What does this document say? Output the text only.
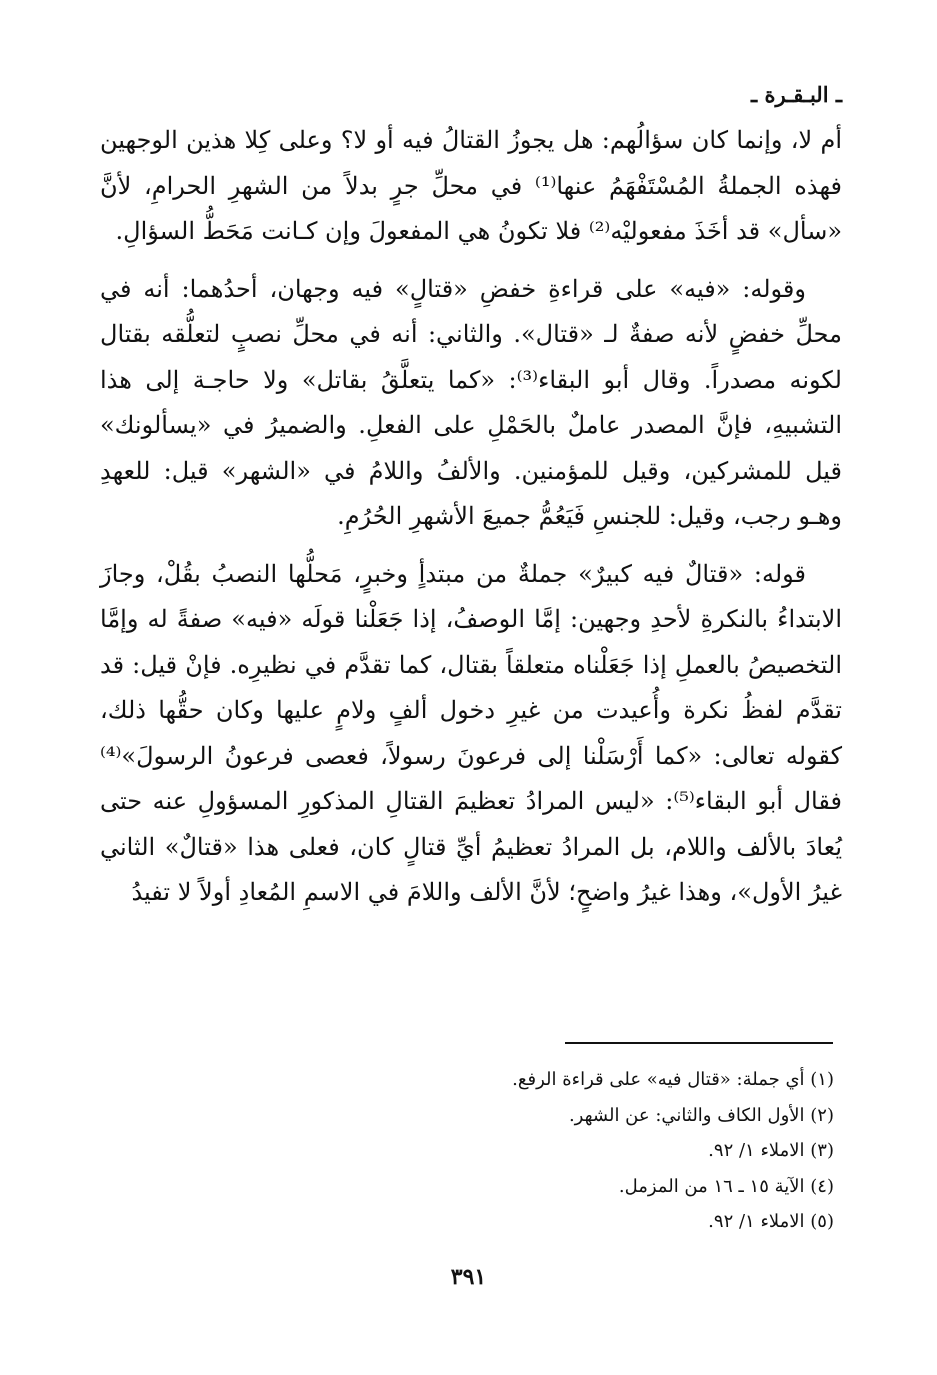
ـ البـقـرة ـ

أم لا، وإنما كان سؤالُهم: هل يجوزُ القتالُ فيه أو لا؟ وعلى كِلا هذين الوجهين فهذه الجملةُ المُسْتَفْهَمُ عنها⁽¹⁾ في محلِّ جرٍ بدلاً من الشهرِ الحرامِ، لأنَّ «سأل» قد أخَذَ مفعوليْه⁽²⁾ فلا تكونُ هي المفعولَ وإن كـانت مَحَطُّ السؤالِ.

وقوله: «فيه» على قراءةِ خفضِ «قتالٍ» فيه وجهان، أحدُهما: أنه في محلِّ خفضٍ لأنه صفةٌ لـ «قتال». والثاني: أنه في محلِّ نصبٍ لتعلُّقه بقتال لكونه مصدراً. وقال أبو البقاء⁽³⁾: «كما يتعلَّقُ بقاتل» ولا حاجـة إلى هذا التشبيهِ، فإنَّ المصدر عاملٌ بالحَمْلِ على الفعلِ. والضميرُ في «يسألونك» قيل للمشركين، وقيل للمؤمنين. والألفُ واللامُ في «الشهر» قيل: للعهدِ وهـو رجب، وقيل: للجنسِ فَيَعُمُّ جميعَ الأشهرِ الحُرُمِ.

قوله: «قتالٌ فيه كبيرٌ» جملةٌ من مبتدأٍ وخبرٍ، مَحلُّها النصبُ بقُلْ، وجازَ الابتداءُ بالنكرةِ لأحدِ وجهين: إمَّا الوصفُ، إذا جَعَلْنا قولَه «فيه» صفةً له وإمَّا التخصيصُ بالعملِ إذا جَعَلْناه متعلقاً بقتال، كما تقدَّم في نظيرِه. فإنْ قيل: قد تقدَّم لفظُ نكرة وأُعيدت من غيرِ دخول ألفٍ ولامٍ عليها وكان حقُّها ذلك، كقوله تعالى: «كما أَرْسَلْنا إلى فرعونَ رسولاً، فعصى فرعونُ الرسولَ»⁽⁴⁾ فقال أبو البقاء⁽⁵⁾: «ليس المرادُ تعظيمَ القتالِ المذكورِ المسؤولِ عنه حتى يُعادَ بالألف واللام، بل المرادُ تعظيمُ أيِّ قتالٍ كان، فعلى هذا «قتالٌ» الثاني غيرُ الأول»، وهذا غيرُ واضحٍ؛ لأنَّ الألف واللامَ في الاسمِ المُعادِ أولاً لا تفيدُ

(١) أي جملة: «قتال فيه» على قراءة الرفع.
(٢) الأول الكاف والثاني: عن الشهر.
(٣) الاملاء ١/ ٩٢.
(٤) الآية ١٥ ـ ١٦ من المزمل.
(٥) الاملاء ١/ ٩٢.
٣٩١
